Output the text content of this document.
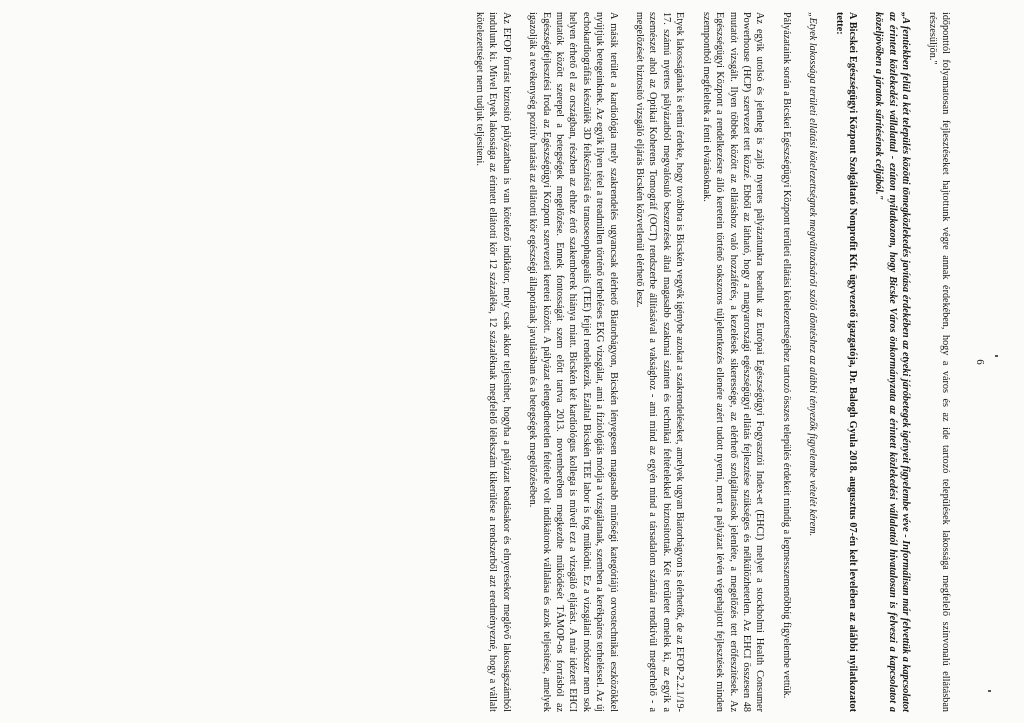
6

időponttól folyamatosan fejlesztéseket hajtottunk végre annak érdekében, hogy a város és az ide tartozó települések lakossága megfelelő színvonalú ellátásban részesüljön."

„A fentiekben felül a két település közötti tömegközlekedés javítása érdekében az etyeki járóbetegek igényeit figyelembe véve - Informálisan már felvettük a kapcsolatot az érintett közlekedési vállalattal - ezúton nyilatkozom, hogy Bicske Város önkormányzata az érintett közlekedési vállalattól hivatalosan is felveszi a kapcsolatot a közeljövőben a járatok sűrítésének céljából."

A Bicskei Egészségügyi Központ Szolgáltató Nonprofit Kft. ügyvezető igazgatója, Dr. Balogh Gyula 2018. augusztus 07-én kelt levelében az alábbi nyilatkozatot tette:

„Etyek lakossága területi ellátási kötelezettségnek megváltozásáról szóló döntéshez az alábbi tényezők figyelembe vételét kérem.

Pályázataink során a Bicskei Egészségügyi Központ területi ellátási kötelezettségéhez tartozó összes település érdekeit mindig a legmesszemenőbbig figyelembe vettük.

Az egyik utolsó és jelenleg is zajló nyertes pályázatunkra beadtuk az Európai Egészségügyi Fogyasztói Index-et (EHCI) melyet a stockholmi Health Consumer Powerhouse (HCP) szervezet tett közzé. Ebből az látható, hogy a magyarországi egészségügyi ellátás fejlesztése szükséges és nélkülözhetetlen. Az EHCI összesen 48 mutatót vizsgált. Ilyen többek között az ellátáshoz való hozzáférés, a kezelések sikeressége, az elérhető szolgáltatások jelenléte, a megelőzés tett erőfeszítések. Az Egészségügyi Központ a rendelkezésre álló keretein történő sokszoros túljelentkezés ellenére azért tudott nyerni, mert a pályázat lévén végrehajtott fejlesztések minden szempontból megfeleltek a fenti elvárásoknak.

Etyek lakosságának is elemi érdeke, hogy továbbra is Bicskén vegyék igénybe azokat a szakrendeléseket, amelyek ugyan Biatorbágyon is elérhetők, de az EFOP-2.2.1/19-17. számú nyertes pályázatból megvalósuló beszerzések által magasabb szakmai szinten és technikai feltételekkel biztosítottak. Két területet emelek ki, az egyik a szemészet ahol az Optikai Koherens Tomográf (OCT) rendszerbe állításával a vaksághoz - ami mind az egyén mind a társadalom számára rendkívül megterhelő - a megelőzését biztosító vizsgáló eljárás Bicskén közvetlenül elérhető lesz.

A másik terület a kardiológia mely szakrendelés ugyancsak elérhető Biatorbágyon, Bicskén lényegesen magasabb minőségi kategóriájú orvostechnikai eszközökkel nyújtjuk betegeinknek. Az egyik ilyen tétel a treadmillen történő terheléses EKG vizsgálat, ami a fiziológiás módja a vizsgálatnak, szemben a kerékpáros terheléssel. Az új echokardiográfiás készülék 3D felkészítésű és transoesophagealis (TEE) fejjel rendelkezik. Ezáltal Bicskén TEE labor is fog működni. Ez a vizsgálati módszer nem sok helyen érhető el az országban, részben az ehhez értő szakemberek hiánya miatt. Bicskén két kardiológus kollega is művelí ezt a vizsgáló eljárást. A már idézett EHCI mutatók között szerepel a betegségek megelőzése. Ennek fontosságát szem előtt tartva 2013. novemberében megkezdte működését TÁMOP-os forrásból az Egészségfejlesztési Iroda az Egészségügyi Központ szervezeti keretei között. A pályázat elengedhetetlen feltétele volt indikátorok vállalása és azok teljesítése, amelyek igazolják a tevékenység pozitív hatását az ellátotti kör egészségi állapotának javulásában és a betegségek megelőzésében.

Az EFOP forrást biztosító pályázatban is van kötelező indikátor, mely csak akkor teljesíthet, hogyha a pályázat beadásakor és elnyerésekor meglévő lakosságszámból indulunk ki. Mivel Etyek lakossága az érintett ellátotti kör 12 százaléka, 12 százaléknak megfelelő lélekszám kikerülése a rendszerből azt eredményezné, hogy a vállalt kötelezettséget nem tudjuk teljesíteni.
